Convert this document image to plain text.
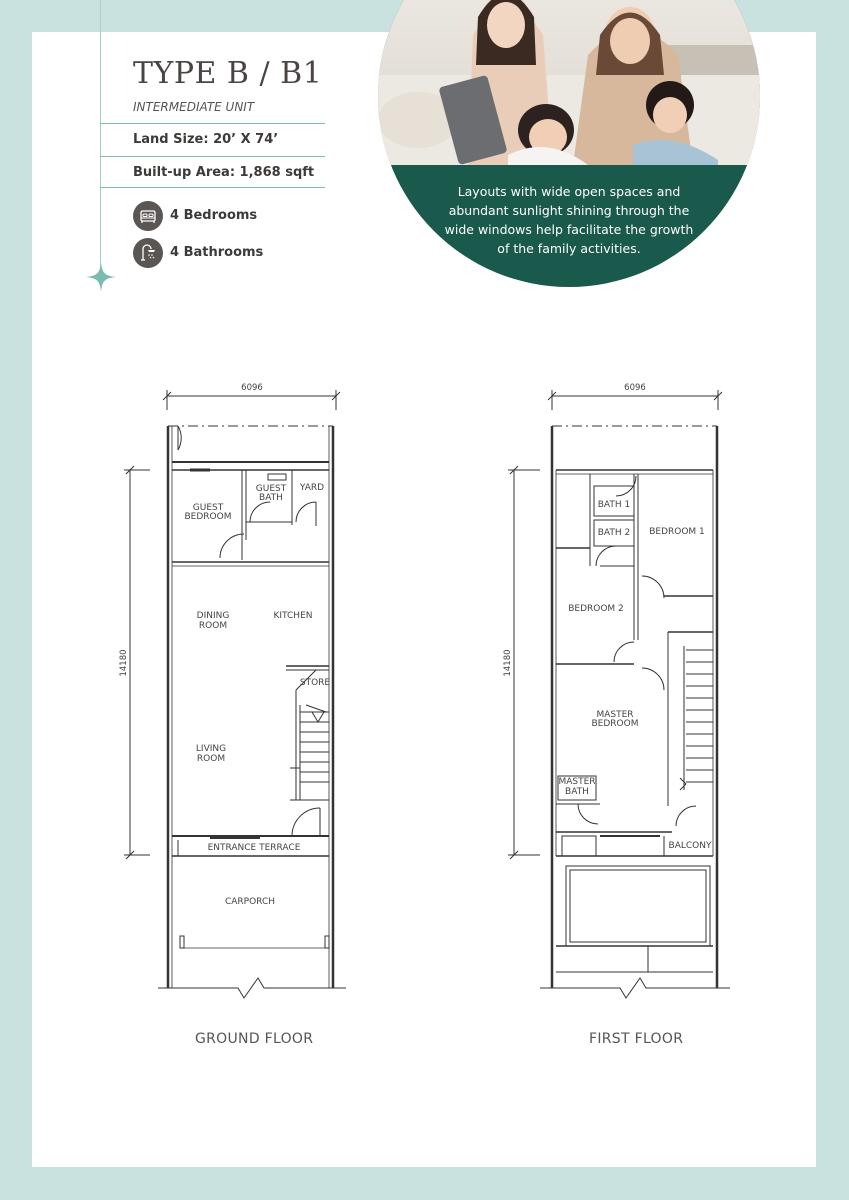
TYPE B / B1
INTERMEDIATE UNIT
Land Size: 20’ X 74’
Built-up Area: 1,868 sqft
4 Bedrooms
4 Bathrooms
Layouts with wide open spaces and
abundant sunlight shining through the
wide windows help facilitate the growth
of the family activities.
6096
14180
GUEST
BEDROOM
GUEST
BATH
YARD
DINING
ROOM
KITCHEN
STORE
LIVING
ROOM
ENTRANCE TERRACE
CARPORCH
6096
14180
BATH 1
BATH 2 BEDROOM 1
BEDROOM 2
MASTER
BEDROOM
MASTER
BATH
BALCONY
GROUND FLOOR	FIRST FLOOR
